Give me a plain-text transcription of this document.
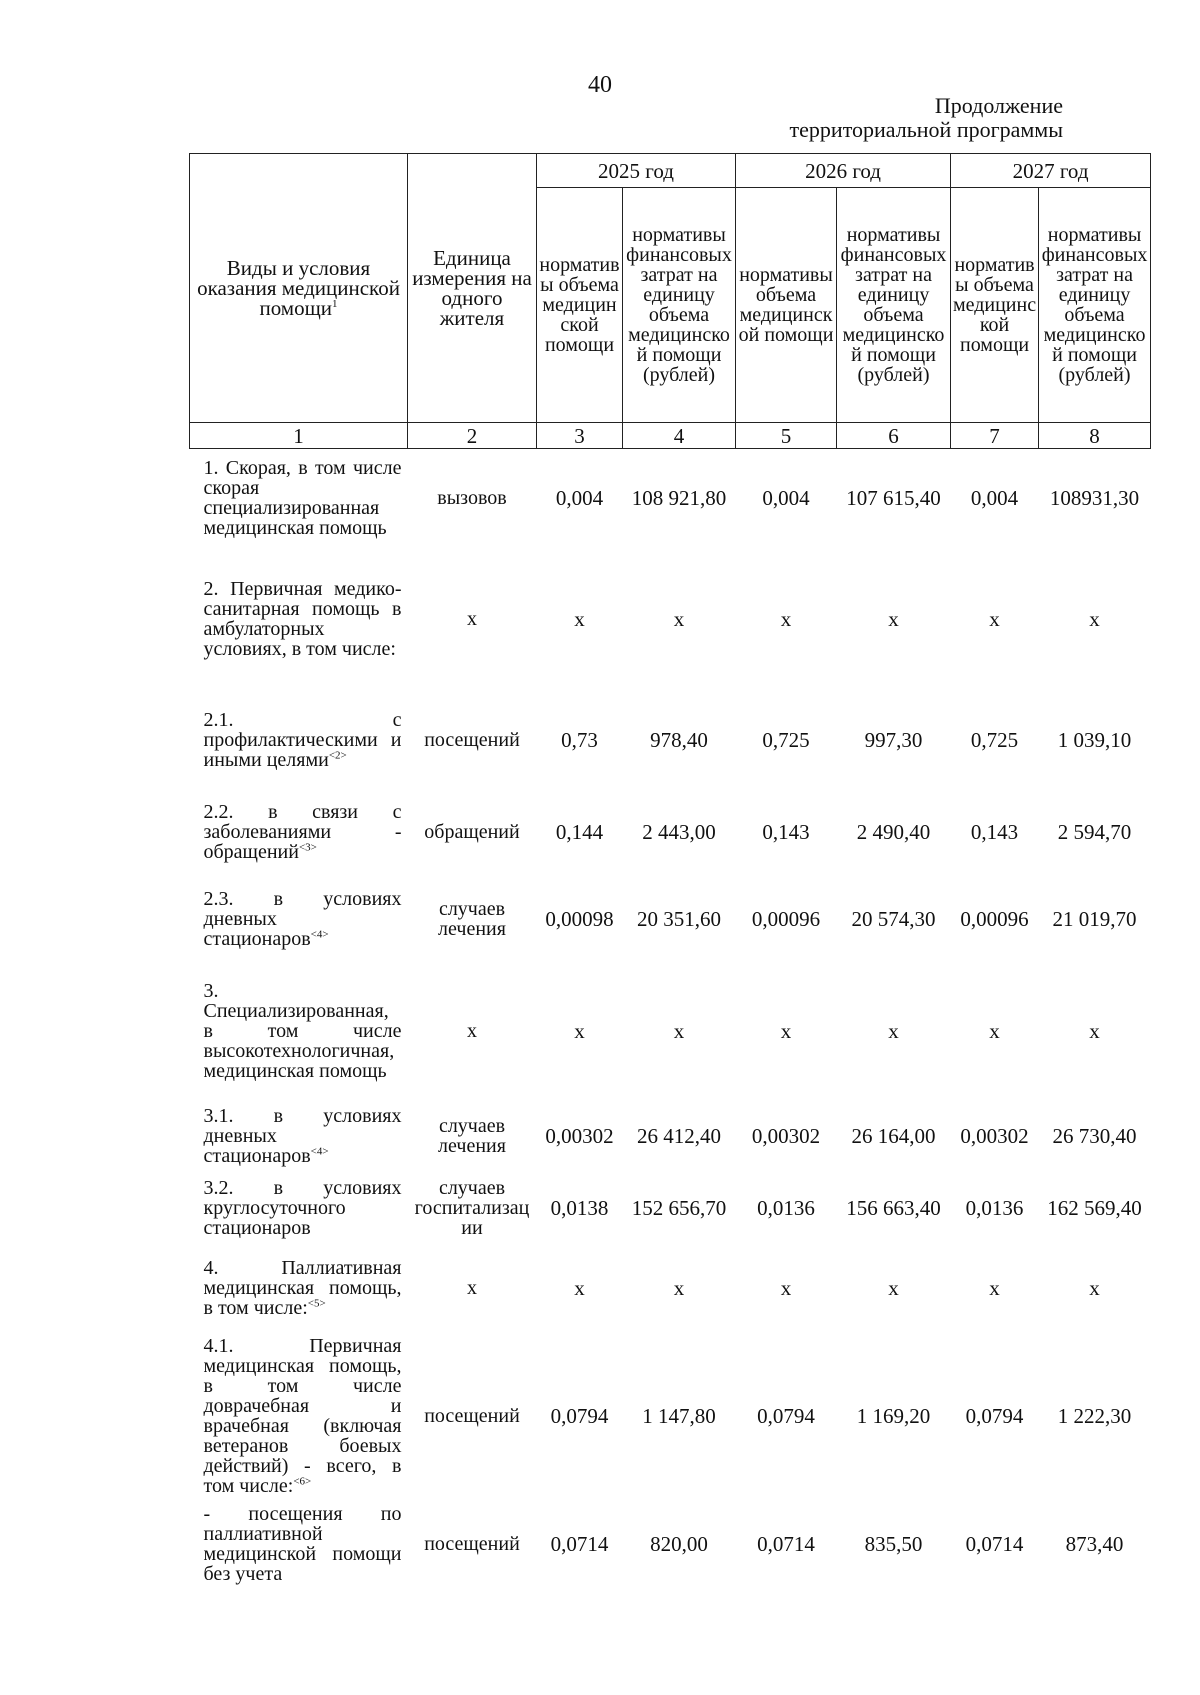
40
Продолжение
территориальной программы
Виды и условия оказания медицинской помощи$^1$	Единица измерения на одного жителя	2025 год		2026 год		2027 год	
		нормативы объема медицинской помощи	нормативы финансовых затрат на единицу объема медицинской помощи (рублей)	нормативы объема медицинской помощи	нормативы финансовых затрат на единицу объема медицинской помощи (рублей)	нормативы объема медицинской помощи	нормативы финансовых затрат на единицу объема медицинской помощи (рублей)
1	2	3	4	5	6	7	8
1. Скорая, в том числе скорая специализированная медицинская помощь	вызовов	0,004	108 921,80	0,004	107 615,40	0,004	108931,30
2. Первичная медико-санитарная помощь в амбулаторных условиях, в том числе:	х	х	х	х	х	х	х
2.1. с профилактическими и иными целями$^{<2>}$	посещений	0,73	978,40	0,725	997,30	0,725	1 039,10
2.2. в связи с заболеваниями - обращений$^{<3>}$	обращений	0,144	2 443,00	0,143	2 490,40	0,143	2 594,70
2.3. в условиях дневных стационаров$^{<4>}$	случаев лечения	0,00098	20 351,60	0,00096	20 574,30	0,00096	21 019,70
3. Специализированная, в том числе высокотехнологичная, медицинская помощь	х	х	х	х	х	х	х
3.1. в условиях дневных стационаров$^{<4>}$	случаев лечения	0,00302	26 412,40	0,00302	26 164,00	0,00302	26 730,40
3.2. в условиях круглосуточного стационаров	случаев госпитализации	0,0138	152 656,70	0,0136	156 663,40	0,0136	162 569,40
4. Паллиативная медицинская помощь, в том числе:$^{<5>}$	х	х	х	х	х	х	х
4.1. Первичная медицинская помощь, в том числе доврачебная и врачебная (включая ветеранов боевых действий) - всего, в том числе:$^{<6>}$	посещений	0,0794	1 147,80	0,0794	1 169,20	0,0794	1 222,30
- посещения по паллиативной медицинской помощи без учета	посещений	0,0714	820,00	0,0714	835,50	0,0714	873,40
